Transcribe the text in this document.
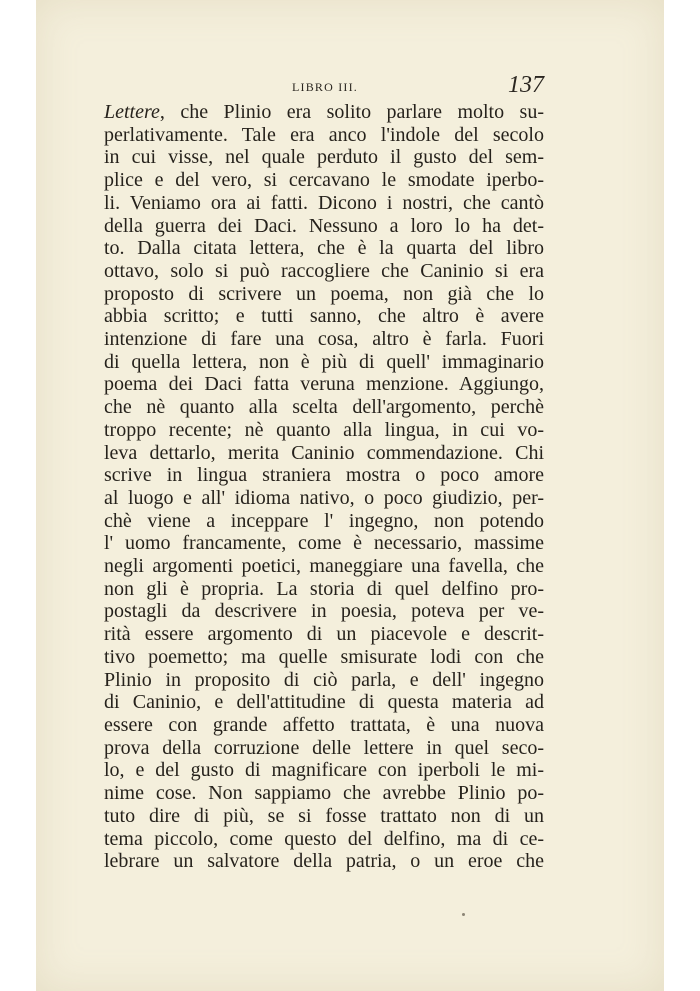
LIBRO III.	137
Lettere, che Plinio era solito parlare molto su-
perlativamente. Tale era anco l'indole del secolo
in cui visse, nel quale perduto il gusto del sem-
plice e del vero, si cercavano le smodate iperbo-
li. Veniamo ora ai fatti. Dicono i nostri, che cantò
della guerra dei Daci. Nessuno a loro lo ha det-
to. Dalla citata lettera, che è la quarta del libro
ottavo, solo si può raccogliere che Caninio si era
proposto di scrivere un poema, non già che lo
abbia scritto; e tutti sanno, che altro è avere
intenzione di fare una cosa, altro è farla. Fuori
di quella lettera, non è più di quell' immaginario
poema dei Daci fatta veruna menzione. Aggiungo,
che nè quanto alla scelta dell'argomento, perchè
troppo recente; nè quanto alla lingua, in cui vo-
leva dettarlo, merita Caninio commendazione. Chi
scrive in lingua straniera mostra o poco amore
al luogo e all' idioma nativo, o poco giudizio, per-
chè viene a inceppare l' ingegno, non potendo
l' uomo francamente, come è necessario, massime
negli argomenti poetici, maneggiare una favella, che
non gli è propria. La storia di quel delfino pro-
postagli da descrivere in poesia, poteva per ve-
rità essere argomento di un piacevole e descrit-
tivo poemetto; ma quelle smisurate lodi con che
Plinio in proposito di ciò parla, e dell' ingegno
di Caninio, e dell'attitudine di questa materia ad
essere con grande affetto trattata, è una nuova
prova della corruzione delle lettere in quel seco-
lo, e del gusto di magnificare con iperboli le mi-
nime cose. Non sappiamo che avrebbe Plinio po-
tuto dire di più, se si fosse trattato non di un
tema piccolo, come questo del delfino, ma di ce-
lebrare un salvatore della patria, o un eroe che
